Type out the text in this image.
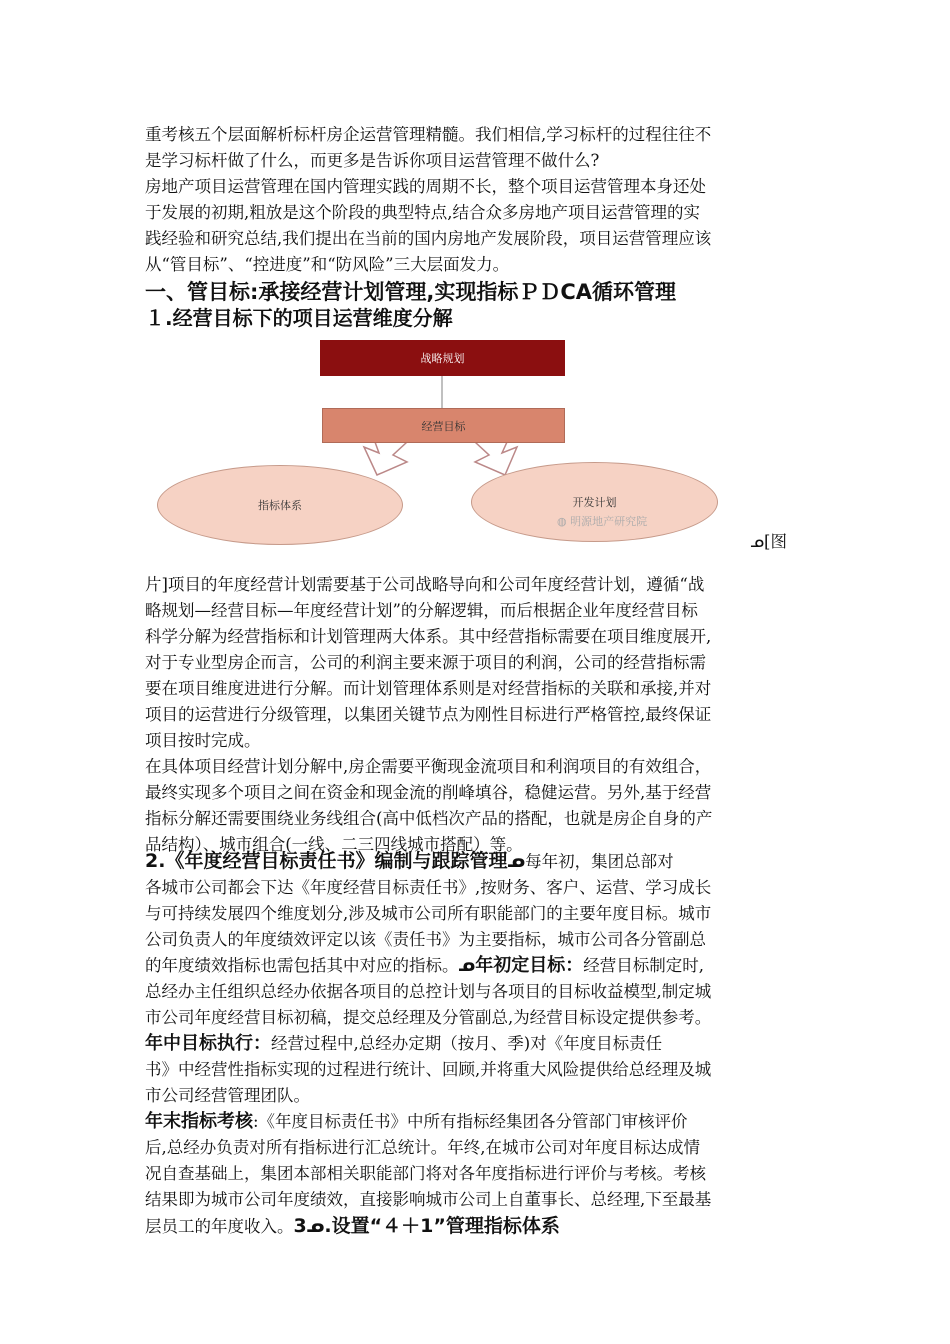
重考核五个层面解析标杆房企运营管理精髓。我们相信,学习标杆的过程往往不
是学习标杆做了什么，而更多是告诉你项目运营管理不做什么?
房地产项目运营管理在国内管理实践的周期不长，整个项目运营管理本身还处
于发展的初期,粗放是这个阶段的典型特点,结合众多房地产项目运营管理的实
践经验和研究总结,我们提出在当前的国内房地产发展阶段，项目运营管理应该
从“管目标”、“控进度”和“防风险”三大层面发力。
一、管目标:承接经营计划管理,实现指标ＰＤCA循环管理
１.经营目标下的项目运营维度分解
战略规划
经营目标
指标体系	开发计划
◍ 明源地产研究院
ᓄ[图
片]项目的年度经营计划需要基于公司战略导向和公司年度经营计划，遵循“战
略规划—经营目标—年度经营计划”的分解逻辑，而后根据企业年度经营目标
科学分解为经营指标和计划管理两大体系。其中经营指标需要在项目维度展开,
对于专业型房企而言，公司的利润主要来源于项目的利润，公司的经营指标需
要在项目维度进进行分解。而计划管理体系则是对经营指标的关联和承接,并对
项目的运营进行分级管理，以集团关键节点为刚性目标进行严格管控,最终保证
项目按时完成。
在具体项目经营计划分解中,房企需要平衡现金流项目和利润项目的有效组合，
最终实现多个项目之间在资金和现金流的削峰填谷，稳健运营。另外,基于经营
指标分解还需要围绕业务线组合(高中低档次产品的搭配，也就是房企自身的产
品结构）、城市组合(一线、二三四线城市搭配）等。
2.《年度经营目标责任书》编制与跟踪管理ᓄ每年初，集团总部对
各城市公司都会下达《年度经营目标责任书》,按财务、客户、运营、学习成长
与可持续发展四个维度划分,涉及城市公司所有职能部门的主要年度目标。城市
公司负责人的年度绩效评定以该《责任书》为主要指标，城市公司各分管副总
的年度绩效指标也需包括其中对应的指标。ᓄ年初定目标：经营目标制定时,
总经办主任组织总经办依据各项目的总控计划与各项目的目标收益模型,制定城
市公司年度经营目标初稿，提交总经理及分管副总,为经营目标设定提供参考。
年中目标执行：经营过程中,总经办定期（按月、季)对《年度目标责任
书》中经营性指标实现的过程进行统计、回顾,并将重大风险提供给总经理及城
市公司经营管理团队。
年末指标考核:《年度目标责任书》中所有指标经集团各分管部门审核评价
后,总经办负责对所有指标进行汇总统计。年终,在城市公司对年度目标达成情
况自查基础上，集团本部相关职能部门将对各年度指标进行评价与考核。考核
结果即为城市公司年度绩效，直接影响城市公司上自董事长、总经理,下至最基
层员工的年度收入。3ᓄ.设置“４＋1”管理指标体系
